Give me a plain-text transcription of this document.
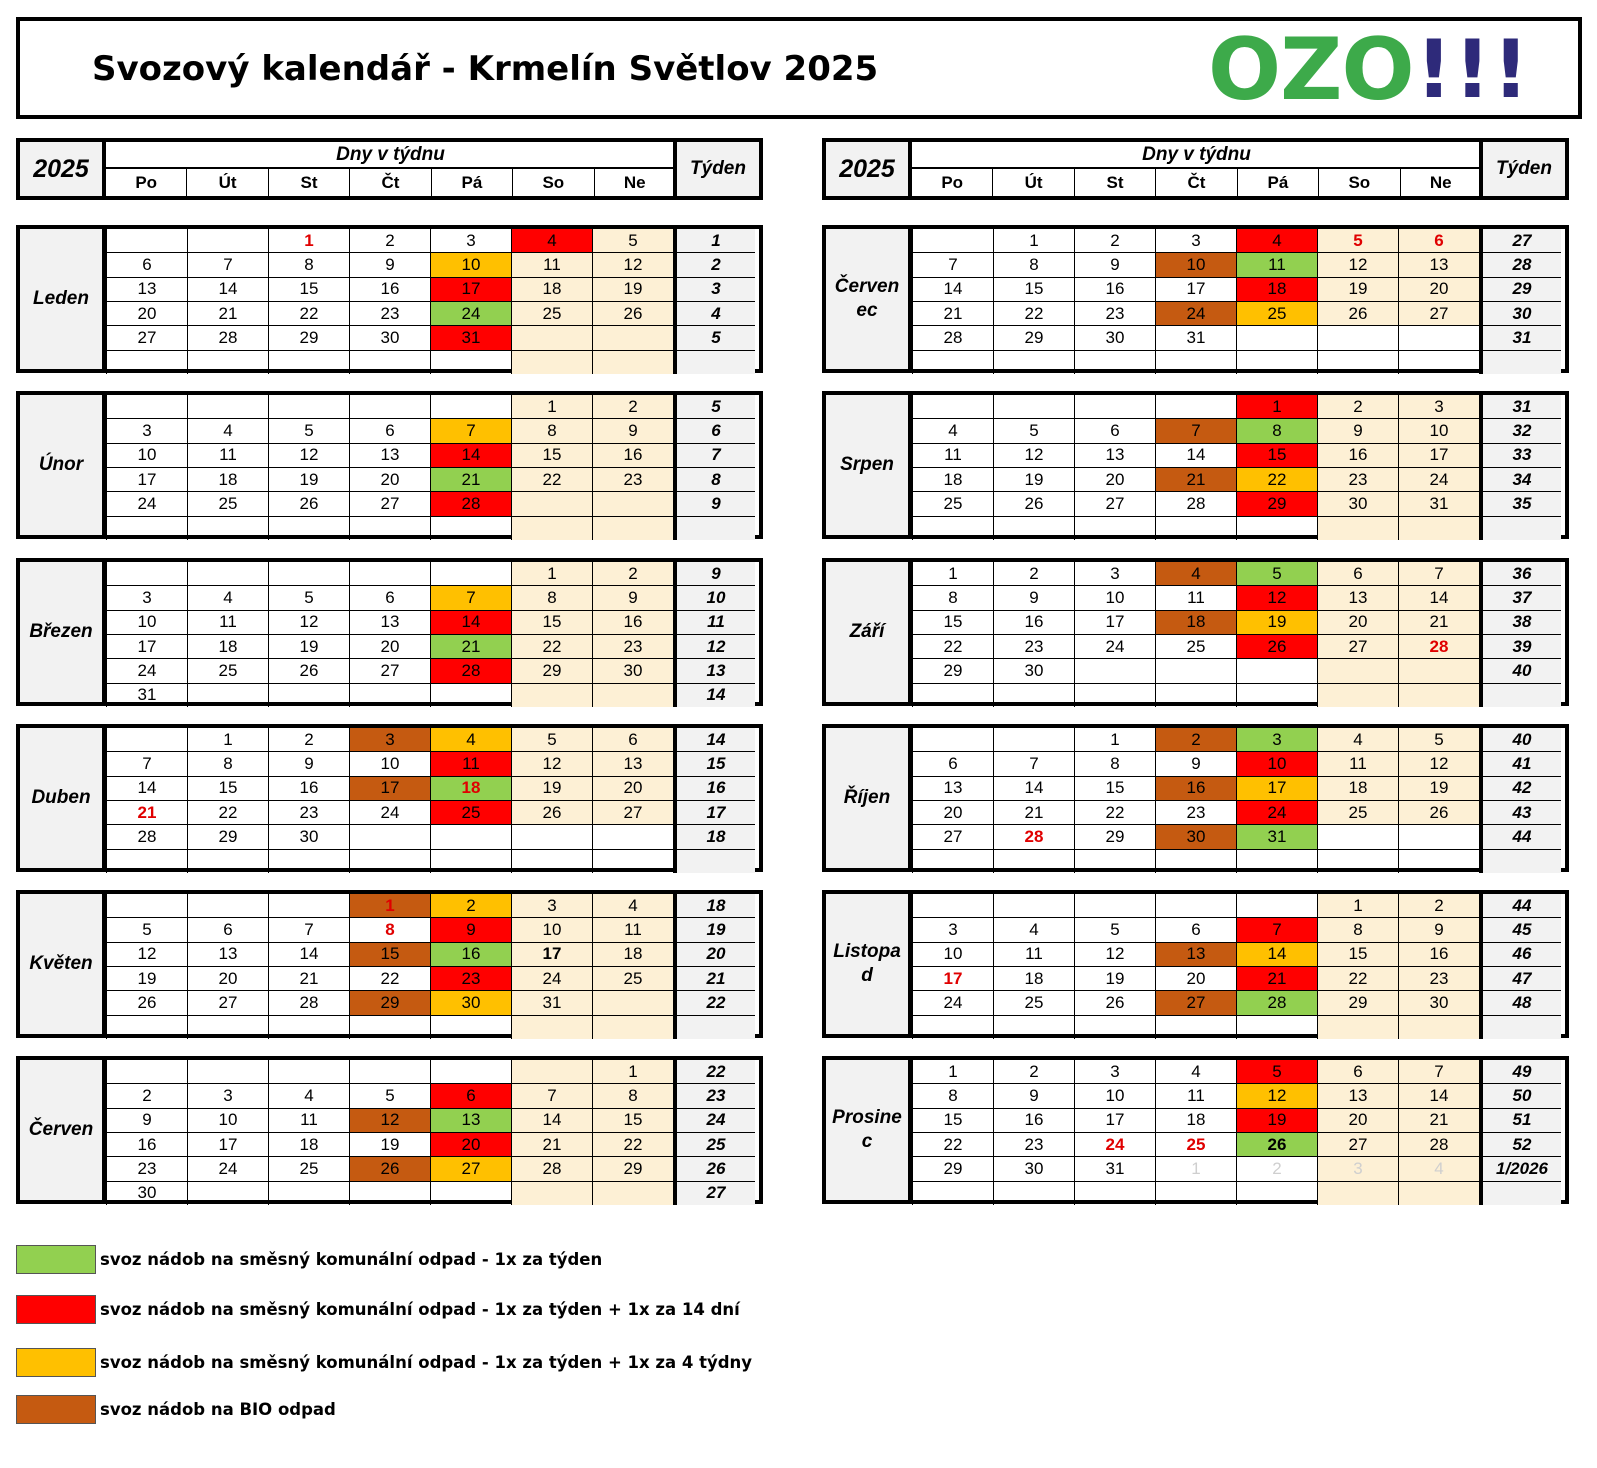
Svozový kalendář - Krmelín Světlov 2025	OZO !!!
2025	Dny v týdnu
Po	Út	St	Čt	Pá	So	Ne
Týden	2025	Dny v týdnu
Po	Út	St	Čt	Pá	So	Ne
Týden
Leden
		1	2	3	4	5	1
6	7	8	9	10	11	12	2
13	14	15	16	17	18	19	3
20	21	22	23	24	25	26	4
27	28	29	30	31			5

Únor
					1	2	5
3	4	5	6	7	8	9	6
10	11	12	13	14	15	16	7
17	18	19	20	21	22	23	8
24	25	26	27	28			9

Březen
					1	2	9
3	4	5	6	7	8	9	10
10	11	12	13	14	15	16	11
17	18	19	20	21	22	23	12
24	25	26	27	28	29	30	13
31							14
Duben
	1	2	3	4	5	6	14
7	8	9	10	11	12	13	15
14	15	16	17	18	19	20	16
21	22	23	24	25	26	27	17
28	29	30					18

Květen
			1	2	3	4	18
5	6	7	8	9	10	11	19
12	13	14	15	16	17	18	20
19	20	21	22	23	24	25	21
26	27	28	29	30	31		22

Červen
						1	22
2	3	4	5	6	7	8	23
9	10	11	12	13	14	15	24
16	17	18	19	20	21	22	25
23	24	25	26	27	28	29	26
30							27
Červen ec
	1	2	3	4	5	6	27
7	8	9	10	11	12	13	28
14	15	16	17	18	19	20	29
21	22	23	24	25	26	27	30
28	29	30	31				31

Srpen
				1	2	3	31
4	5	6	7	8	9	10	32
11	12	13	14	15	16	17	33
18	19	20	21	22	23	24	34
25	26	27	28	29	30	31	35

Září
1	2	3	4	5	6	7	36
8	9	10	11	12	13	14	37
15	16	17	18	19	20	21	38
22	23	24	25	26	27	28	39
29	30						40

Říjen
		1	2	3	4	5	40
6	7	8	9	10	11	12	41
13	14	15	16	17	18	19	42
20	21	22	23	24	25	26	43
27	28	29	30	31			44

Listopa d
					1	2	44
3	4	5	6	7	8	9	45
10	11	12	13	14	15	16	46
17	18	19	20	21	22	23	47
24	25	26	27	28	29	30	48

Prosine c
1	2	3	4	5	6	7	49
8	9	10	11	12	13	14	50
15	16	17	18	19	20	21	51
22	23	24	25	26	27	28	52
29	30	31	1	2	3	4	1/2026

svoz nádob na směsný komunální odpad - 1x za týden
svoz nádob na směsný komunální odpad - 1x za týden + 1x za 14 dní
svoz nádob na směsný komunální odpad - 1x za týden + 1x za 4 týdny
svoz nádob na BIO odpad
